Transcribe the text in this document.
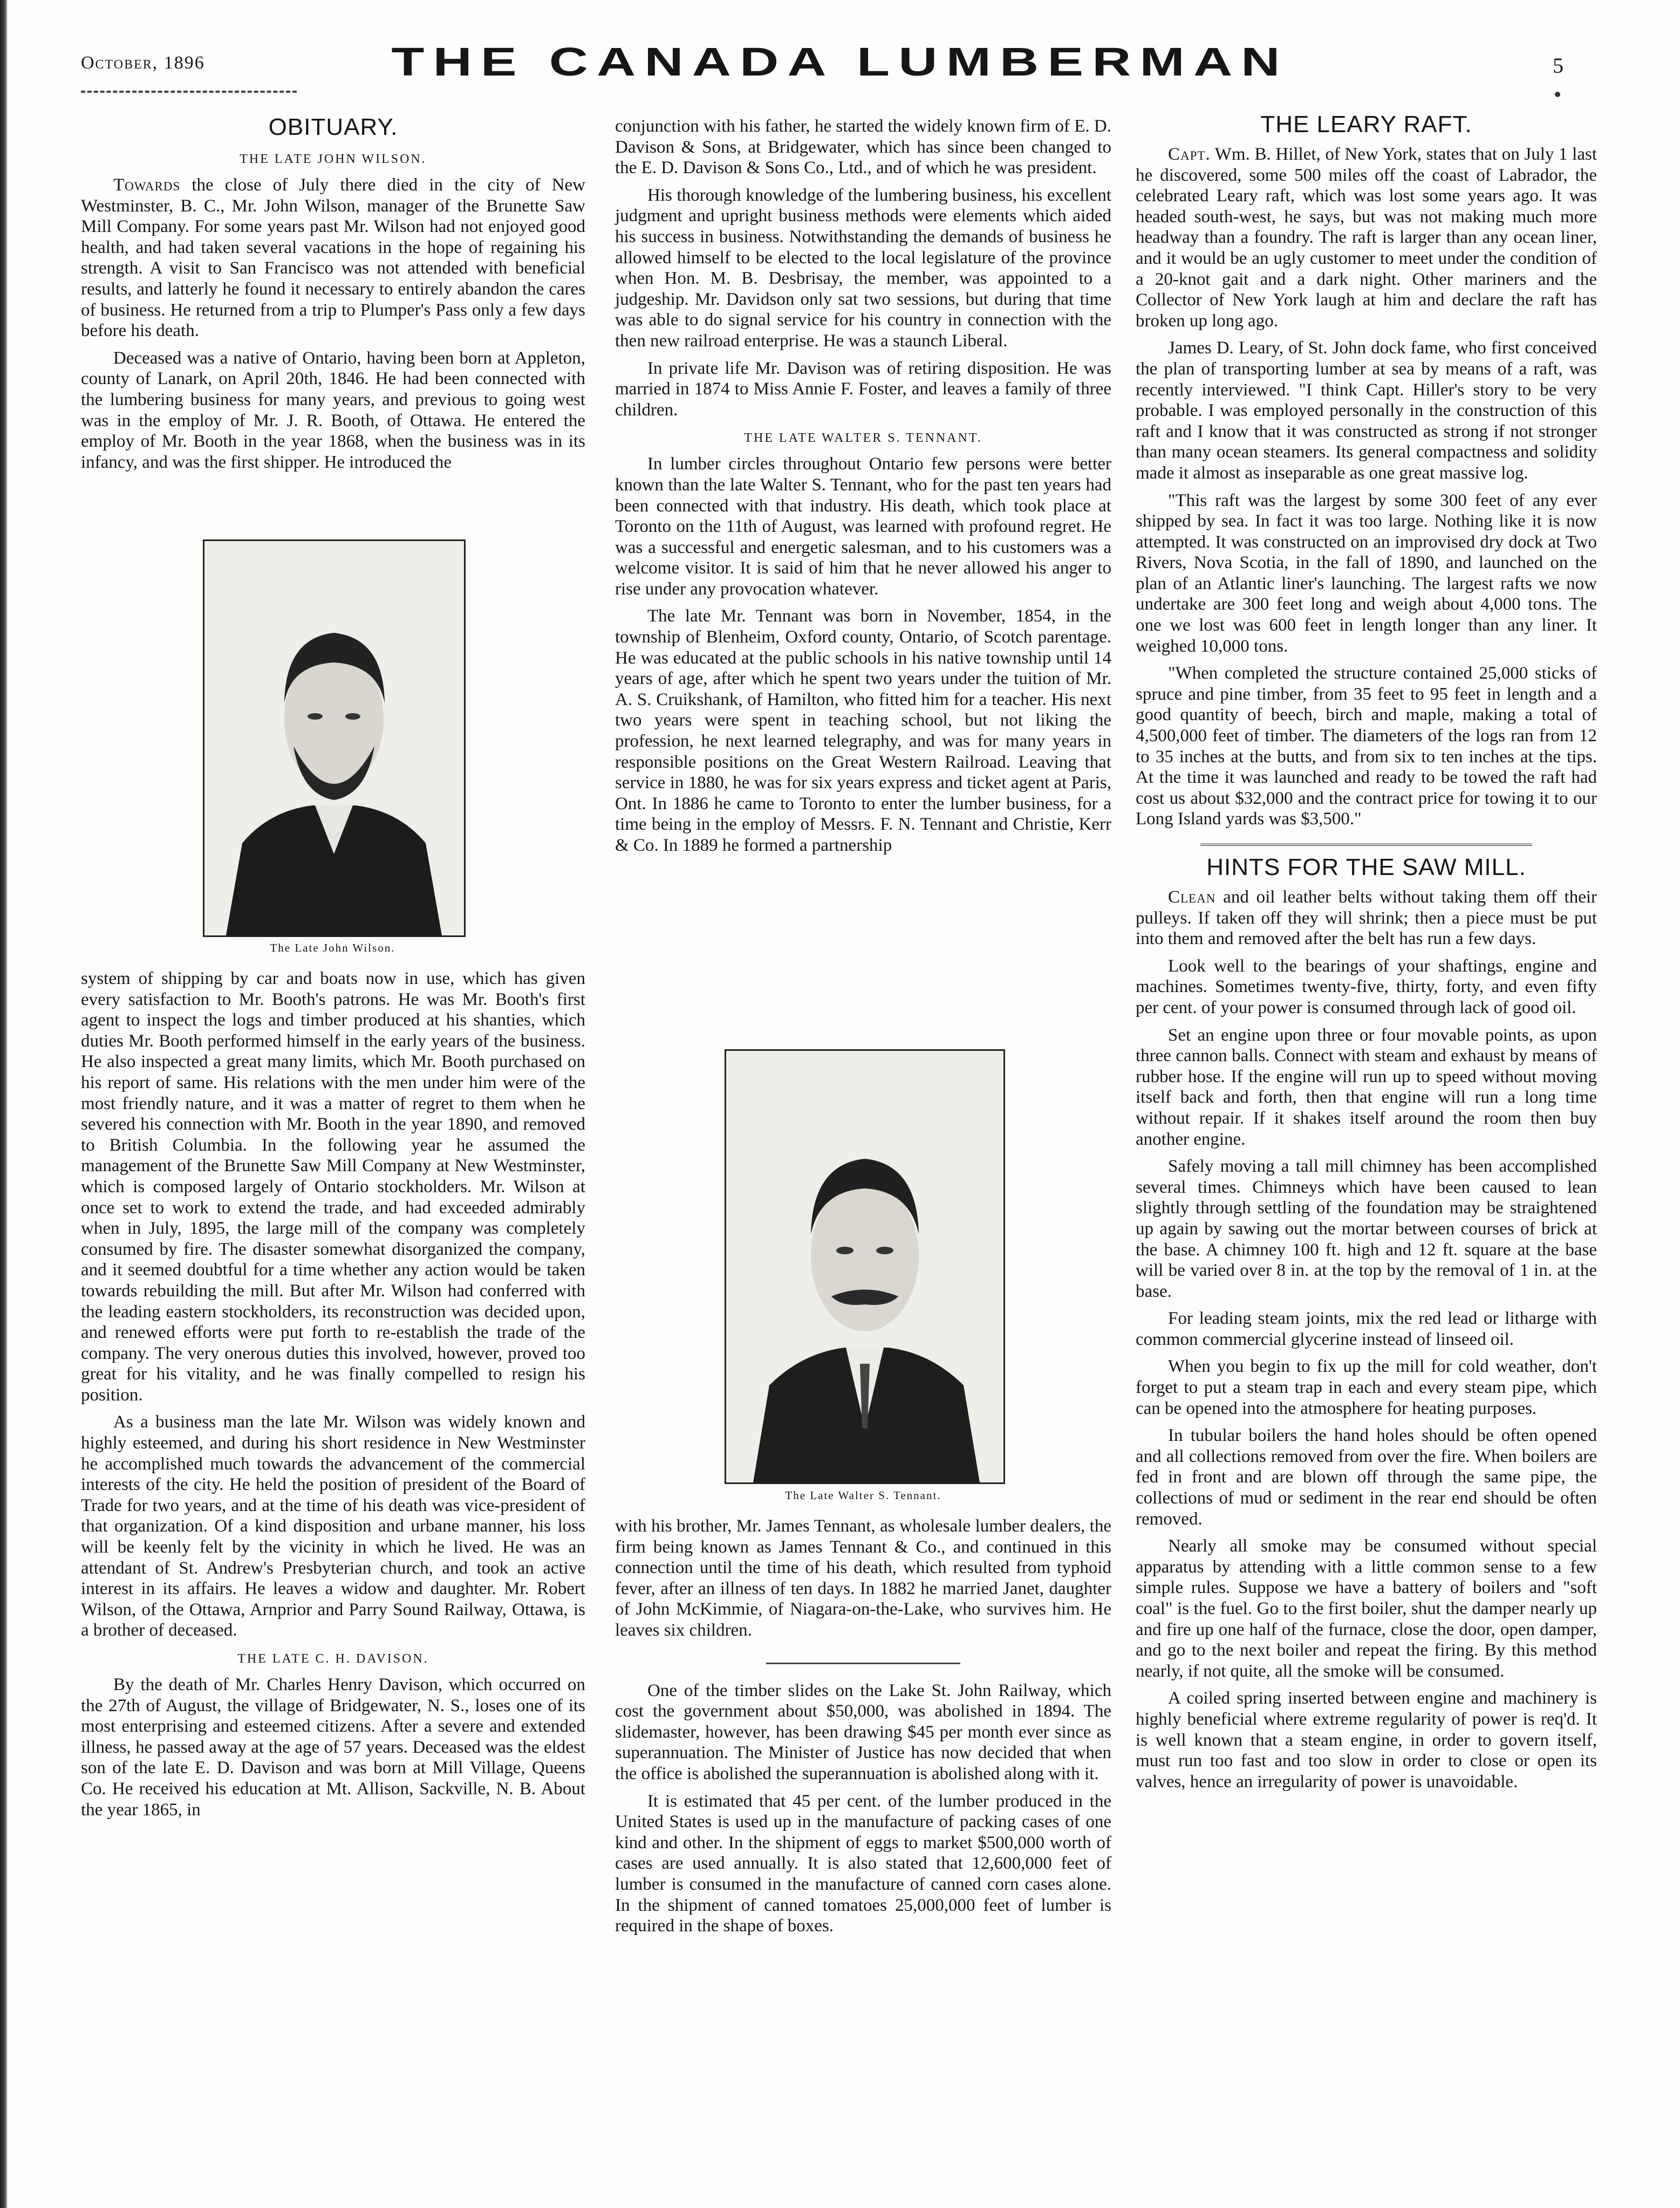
October, 1896	THE CANADA LUMBERMAN	5
OBITUARY.
THE LATE JOHN WILSON.

Towards the close of July there died in the city of New Westminster, B. C., Mr. John Wilson, manager of the Brunette Saw Mill Company. For some years past Mr. Wilson had not enjoyed good health, and had taken several vacations in the hope of regaining his strength. A visit to San Francisco was not attended with beneficial results, and latterly he found it necessary to entirely abandon the cares of business. He returned from a trip to Plumper's Pass only a few days before his death.

Deceased was a native of Ontario, having been born at Appleton, county of Lanark, on April 20th, 1846. He had been connected with the lumbering business for many years, and previous to going west was in the employ of Mr. J. R. Booth, of Ottawa. He entered the employ of Mr. Booth in the year 1868, when the business was in its infancy, and was the first shipper. He introduced the

The Late John Wilson.

system of shipping by car and boats now in use, which has given every satisfaction to Mr. Booth's patrons. He was Mr. Booth's first agent to inspect the logs and timber produced at his shanties, which duties Mr. Booth performed himself in the early years of the business. He also inspected a great many limits, which Mr. Booth purchased on his report of same. His relations with the men under him were of the most friendly nature, and it was a matter of regret to them when he severed his connection with Mr. Booth in the year 1890, and removed to British Columbia. In the following year he assumed the management of the Brunette Saw Mill Company at New Westminster, which is composed largely of Ontario stockholders. Mr. Wilson at once set to work to extend the trade, and had exceeded admirably when in July, 1895, the large mill of the company was completely consumed by fire. The disaster somewhat disorganized the company, and it seemed doubtful for a time whether any action would be taken towards rebuilding the mill. But after Mr. Wilson had conferred with the leading eastern stockholders, its reconstruction was decided upon, and renewed efforts were put forth to re-establish the trade of the company. The very onerous duties this involved, however, proved too great for his vitality, and he was finally compelled to resign his position.

As a business man the late Mr. Wilson was widely known and highly esteemed, and during his short residence in New Westminster he accomplished much towards the advancement of the commercial interests of the city. He held the position of president of the Board of Trade for two years, and at the time of his death was vice-president of that organization. Of a kind disposition and urbane manner, his loss will be keenly felt by the vicinity in which he lived. He was an attendant of St. Andrew's Presbyterian church, and took an active interest in its affairs. He leaves a widow and daughter. Mr. Robert Wilson, of the Ottawa, Arnprior and Parry Sound Railway, Ottawa, is a brother of deceased.

THE LATE C. H. DAVISON.

By the death of Mr. Charles Henry Davison, which occurred on the 27th of August, the village of Bridgewater, N. S., loses one of its most enterprising and esteemed citizens. After a severe and extended illness, he passed away at the age of 57 years. Deceased was the eldest son of the late E. D. Davison and was born at Mill Village, Queens Co. He received his education at Mt. Allison, Sackville, N. B. About the year 1865, in

conjunction with his father, he started the widely known firm of E. D. Davison & Sons, at Bridgewater, which has since been changed to the E. D. Davison & Sons Co., Ltd., and of which he was president.

His thorough knowledge of the lumbering business, his excellent judgment and upright business methods were elements which aided his success in business. Notwithstanding the demands of business he allowed himself to be elected to the local legislature of the province when Hon. M. B. Desbrisay, the member, was appointed to a judgeship. Mr. Davidson only sat two sessions, but during that time was able to do signal service for his country in connection with the then new railroad enterprise. He was a staunch Liberal.

In private life Mr. Davison was of retiring disposition. He was married in 1874 to Miss Annie F. Foster, and leaves a family of three children.

THE LATE WALTER S. TENNANT.

In lumber circles throughout Ontario few persons were better known than the late Walter S. Tennant, who for the past ten years had been connected with that industry. His death, which took place at Toronto on the 11th of August, was learned with profound regret. He was a successful and energetic salesman, and to his customers was a welcome visitor. It is said of him that he never allowed his anger to rise under any provocation whatever.

The late Mr. Tennant was born in November, 1854, in the township of Blenheim, Oxford county, Ontario, of Scotch parentage. He was educated at the public schools in his native township until 14 years of age, after which he spent two years under the tuition of Mr. A. S. Cruikshank, of Hamilton, who fitted him for a teacher. His next two years were spent in teaching school, but not liking the profession, he next learned telegraphy, and was for many years in responsible positions on the Great Western Railroad. Leaving that service in 1880, he was for six years express and ticket agent at Paris, Ont. In 1886 he came to Toronto to enter the lumber business, for a time being in the employ of Messrs. F. N. Tennant and Christie, Kerr & Co. In 1889 he formed a partnership

The Late Walter S. Tennant.

with his brother, Mr. James Tennant, as wholesale lumber dealers, the firm being known as James Tennant & Co., and continued in this connection until the time of his death, which resulted from typhoid fever, after an illness of ten days. In 1882 he married Janet, daughter of John McKimmie, of Niagara-on-the-Lake, who survives him. He leaves six children.

One of the timber slides on the Lake St. John Railway, which cost the government about $50,000, was abolished in 1894. The slidemaster, however, has been drawing $45 per month ever since as superannuation. The Minister of Justice has now decided that when the office is abolished the superannuation is abolished along with it.

It is estimated that 45 per cent. of the lumber produced in the United States is used up in the manufacture of packing cases of one kind and other. In the shipment of eggs to market $500,000 worth of cases are used annually. It is also stated that 12,600,000 feet of lumber is consumed in the manufacture of canned corn cases alone. In the shipment of canned tomatoes 25,000,000 feet of lumber is required in the shape of boxes.

THE LEARY RAFT.

Capt. Wm. B. Hillet, of New York, states that on July 1 last he discovered, some 500 miles off the coast of Labrador, the celebrated Leary raft, which was lost some years ago. It was headed south-west, he says, but was not making much more headway than a foundry. The raft is larger than any ocean liner, and it would be an ugly customer to meet under the condition of a 20-knot gait and a dark night. Other mariners and the Collector of New York laugh at him and declare the raft has broken up long ago.

James D. Leary, of St. John dock fame, who first conceived the plan of transporting lumber at sea by means of a raft, was recently interviewed. "I think Capt. Hiller's story to be very probable. I was employed personally in the construction of this raft and I know that it was constructed as strong if not stronger than many ocean steamers. Its general compactness and solidity made it almost as inseparable as one great massive log.

"This raft was the largest by some 300 feet of any ever shipped by sea. In fact it was too large. Nothing like it is now attempted. It was constructed on an improvised dry dock at Two Rivers, Nova Scotia, in the fall of 1890, and launched on the plan of an Atlantic liner's launching. The largest rafts we now undertake are 300 feet long and weigh about 4,000 tons. The one we lost was 600 feet in length longer than any liner. It weighed 10,000 tons.

"When completed the structure contained 25,000 sticks of spruce and pine timber, from 35 feet to 95 feet in length and a good quantity of beech, birch and maple, making a total of 4,500,000 feet of timber. The diameters of the logs ran from 12 to 35 inches at the butts, and from six to ten inches at the tips. At the time it was launched and ready to be towed the raft had cost us about $32,000 and the contract price for towing it to our Long Island yards was $3,500."

HINTS FOR THE SAW MILL.

Clean and oil leather belts without taking them off their pulleys. If taken off they will shrink; then a piece must be put into them and removed after the belt has run a few days.

Look well to the bearings of your shaftings, engine and machines. Sometimes twenty-five, thirty, forty, and even fifty per cent. of your power is consumed through lack of good oil.

Set an engine upon three or four movable points, as upon three cannon balls. Connect with steam and exhaust by means of rubber hose. If the engine will run up to speed without moving itself back and forth, then that engine will run a long time without repair. If it shakes itself around the room then buy another engine.

Safely moving a tall mill chimney has been accomplished several times. Chimneys which have been caused to lean slightly through settling of the foundation may be straightened up again by sawing out the mortar between courses of brick at the base. A chimney 100 ft. high and 12 ft. square at the base will be varied over 8 in. at the top by the removal of 1 in. at the base.

For leading steam joints, mix the red lead or litharge with common commercial glycerine instead of linseed oil.

When you begin to fix up the mill for cold weather, don't forget to put a steam trap in each and every steam pipe, which can be opened into the atmosphere for heating purposes.

In tubular boilers the hand holes should be often opened and all collections removed from over the fire. When boilers are fed in front and are blown off through the same pipe, the collections of mud or sediment in the rear end should be often removed.

Nearly all smoke may be consumed without special apparatus by attending with a little common sense to a few simple rules. Suppose we have a battery of boilers and "soft coal" is the fuel. Go to the first boiler, shut the damper nearly up and fire up one half of the furnace, close the door, open damper, and go to the next boiler and repeat the firing. By this method nearly, if not quite, all the smoke will be consumed.

A coiled spring inserted between engine and machinery is highly beneficial where extreme regularity of power is req'd. It is well known that a steam engine, in order to govern itself, must run too fast and too slow in order to close or open its valves, hence an irregularity of power is unavoidable.
